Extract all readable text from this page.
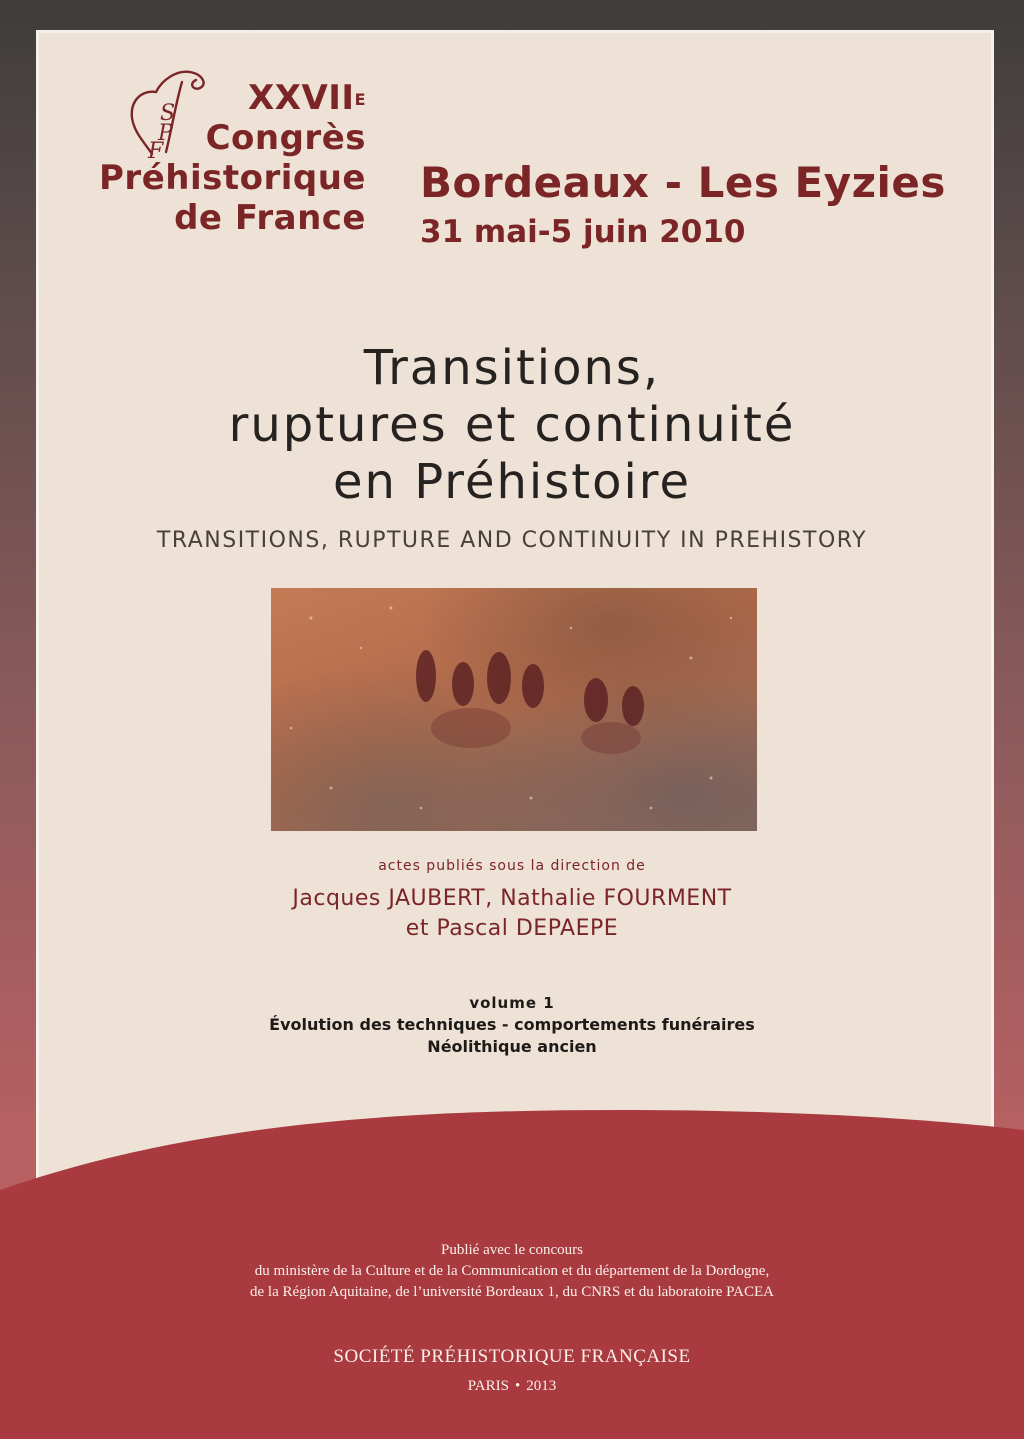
S
P
F
$XXVII^E$
Congrès
Préhistorique
de France
Bordeaux - Les Eyzies
31 mai-5 juin 2010
Transitions,
ruptures et continuité
en Préhistoire
TRANSITIONS, RUPTURE AND CONTINUITY IN PREHISTORY
actes publiés sous la direction de
Jacques JAUBERT, Nathalie FOURMENT
et Pascal DEPAEPE
volume 1
Évolution des techniques - comportements funéraires
Néolithique ancien
Publié avec le concours
du ministère de la Culture et de la Communication et du département de la Dordogne,
de la Région Aquitaine, de l’université Bordeaux 1, du CNRS et du laboratoire PACEA
SOCIÉTÉ PRÉHISTORIQUE FRANÇAISE
PARIS • 2013
